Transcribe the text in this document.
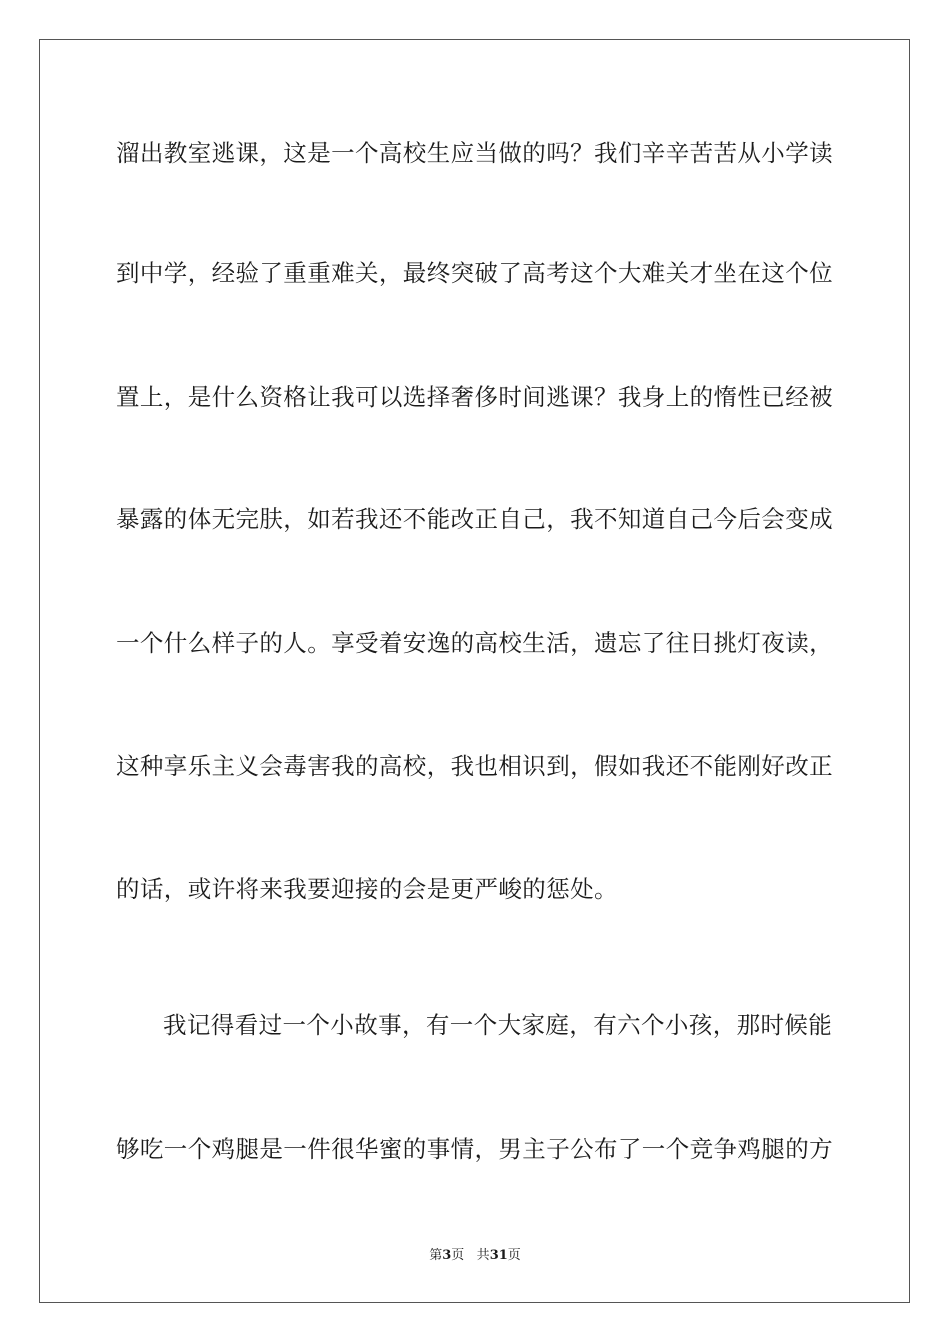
溜出教室逃课，这是一个高校生应当做的吗？我们辛辛苦苦从小学读
到中学，经验了重重难关，最终突破了高考这个大难关才坐在这个位
置上，是什么资格让我可以选择奢侈时间逃课？我身上的惰性已经被
暴露的体无完肤，如若我还不能改正自己，我不知道自己今后会变成
一个什么样子的人。享受着安逸的高校生活，遗忘了往日挑灯夜读，
这种享乐主义会毒害我的高校，我也相识到，假如我还不能刚好改正
的话，或许将来我要迎接的会是更严峻的惩处。
我记得看过一个小故事，有一个大家庭，有六个小孩，那时候能
够吃一个鸡腿是一件很华蜜的事情，男主子公布了一个竞争鸡腿的方
第3页 共31页
